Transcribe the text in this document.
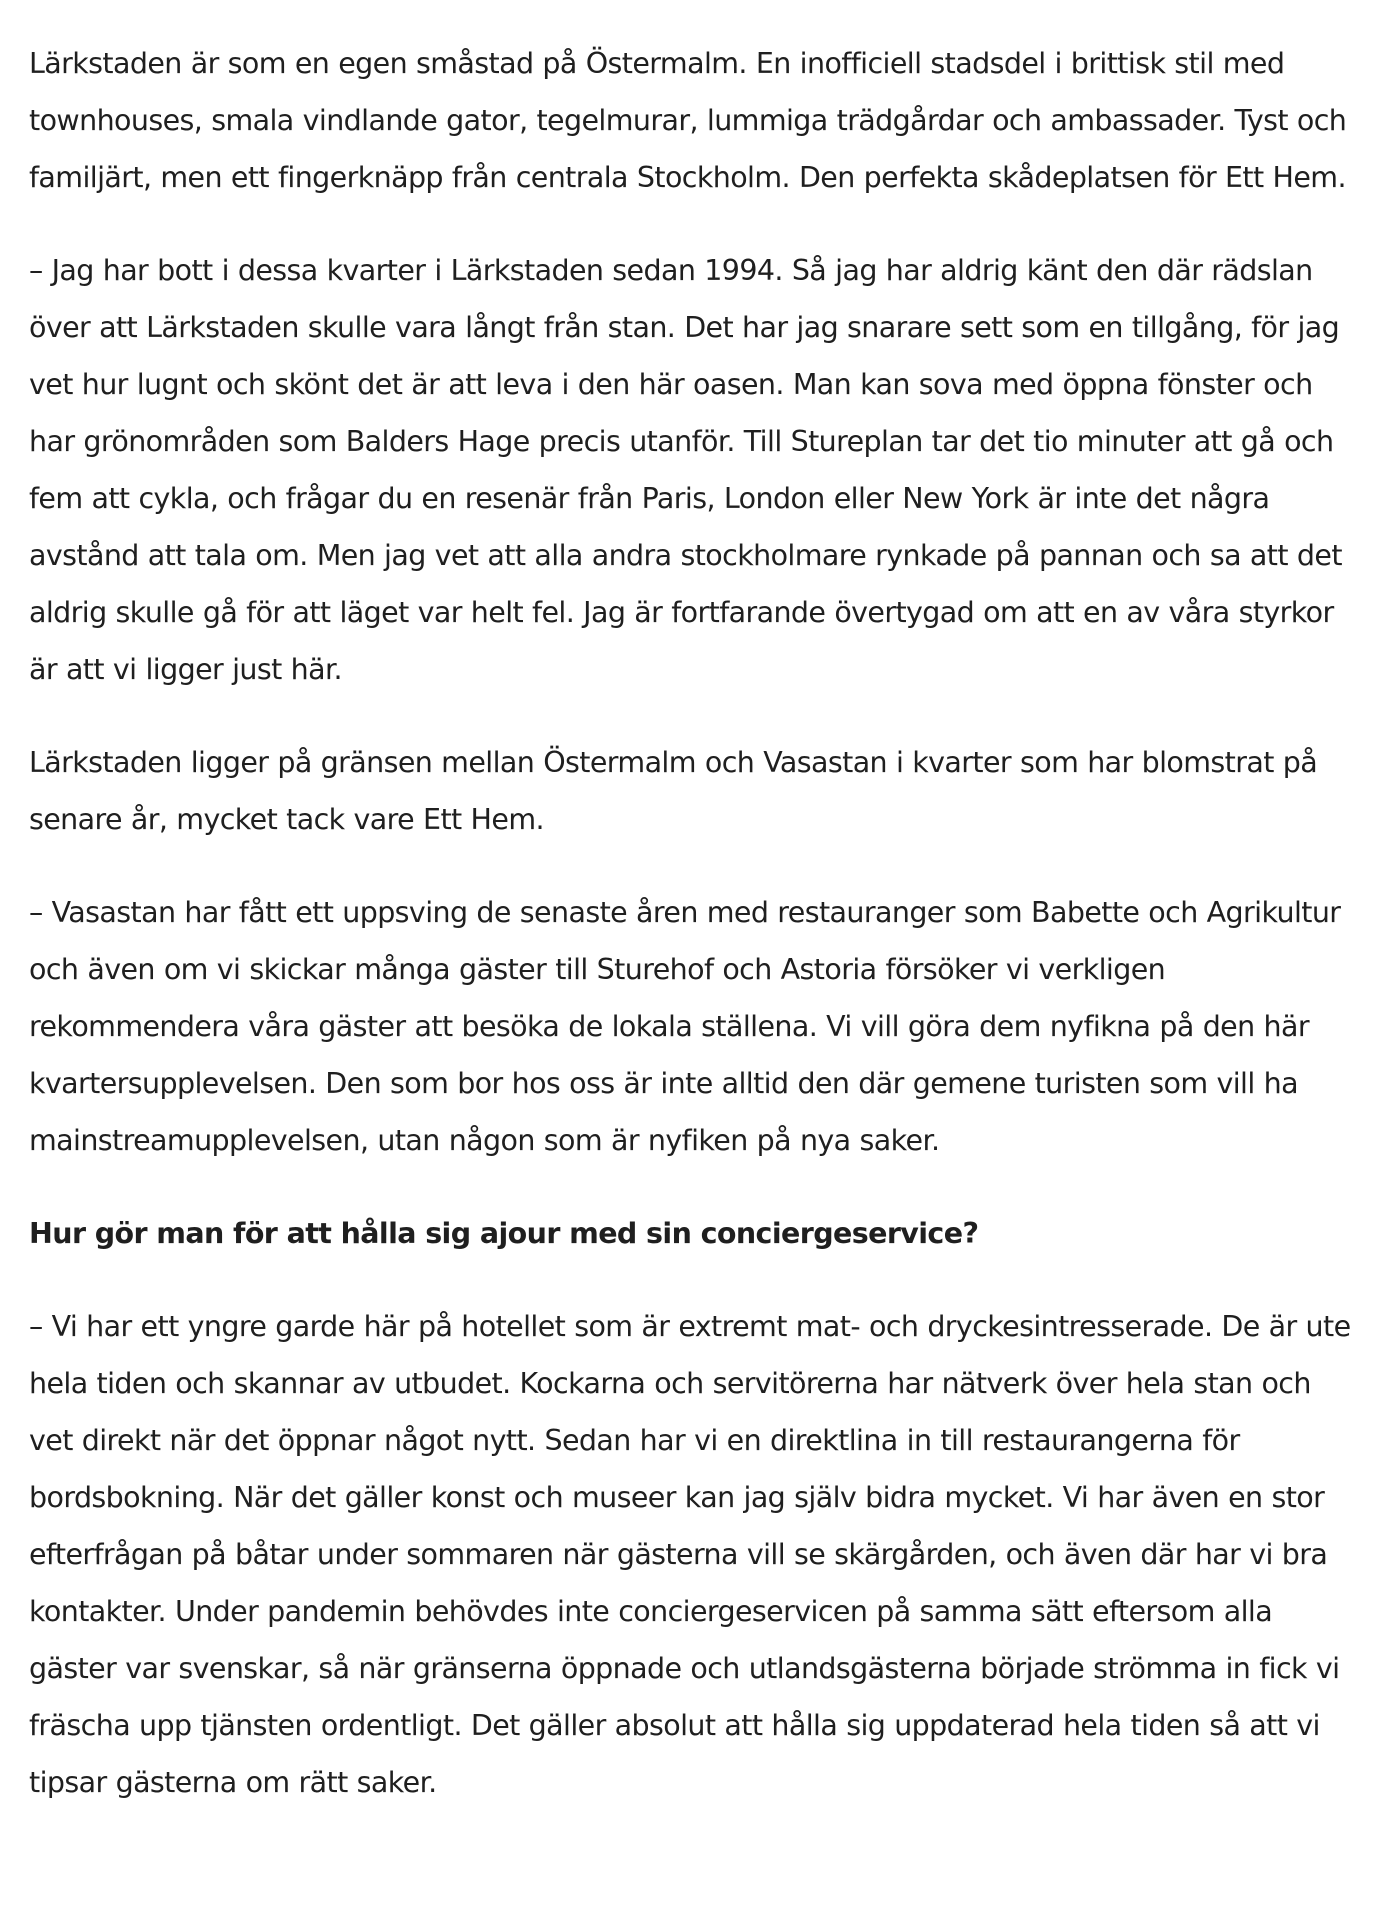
Lärkstaden är som en egen småstad på Östermalm. En inofficiell stadsdel i brittisk stil med townhouses, smala vindlande gator, tegelmurar, lummiga trädgårdar och ambassader. Tyst och familjärt, men ett fingerknäpp från centrala Stockholm. Den perfekta skådeplatsen för Ett Hem.

– Jag har bott i dessa kvarter i Lärkstaden sedan 1994. Så jag har aldrig känt den där rädslan över att Lärkstaden skulle vara långt från stan. Det har jag snarare sett som en tillgång, för jag vet hur lugnt och skönt det är att leva i den här oasen. Man kan sova med öppna fönster och har grönområden som Balders Hage precis utanför. Till Stureplan tar det tio minuter att gå och fem att cykla, och frågar du en resenär från Paris, London eller New York är inte det några avstånd att tala om. Men jag vet att alla andra stockholmare rynkade på pannan och sa att det aldrig skulle gå för att läget var helt fel. Jag är fortfarande övertygad om att en av våra styrkor är att vi ligger just här.

Lärkstaden ligger på gränsen mellan Östermalm och Vasastan i kvarter som har blomstrat på senare år, mycket tack vare Ett Hem.

– Vasastan har fått ett uppsving de senaste åren med restauranger som Babette och Agrikultur och även om vi skickar många gäster till Sturehof och Astoria försöker vi verkligen rekommendera våra gäster att besöka de lokala ställena. Vi vill göra dem nyfikna på den här kvartersupplevelsen. Den som bor hos oss är inte alltid den där gemene turisten som vill ha mainstreamupplevelsen, utan någon som är nyfiken på nya saker.

Hur gör man för att hålla sig ajour med sin conciergeservice?

– Vi har ett yngre garde här på hotellet som är extremt mat- och dryckesintresserade. De är ute hela tiden och skannar av utbudet. Kockarna och servitörerna har nätverk över hela stan och vet direkt när det öppnar något nytt. Sedan har vi en direktlina in till restaurangerna för bordsbokning. När det gäller konst och museer kan jag själv bidra mycket. Vi har även en stor efterfrågan på båtar under sommaren när gästerna vill se skärgården, och även där har vi bra kontakter. Under pandemin behövdes inte conciergeservicen på samma sätt eftersom alla gäster var svenskar, så när gränserna öppnade och utlandsgästerna började strömma in fick vi fräscha upp tjänsten ordentligt. Det gäller absolut att hålla sig uppdaterad hela tiden så att vi tipsar gästerna om rätt saker.
